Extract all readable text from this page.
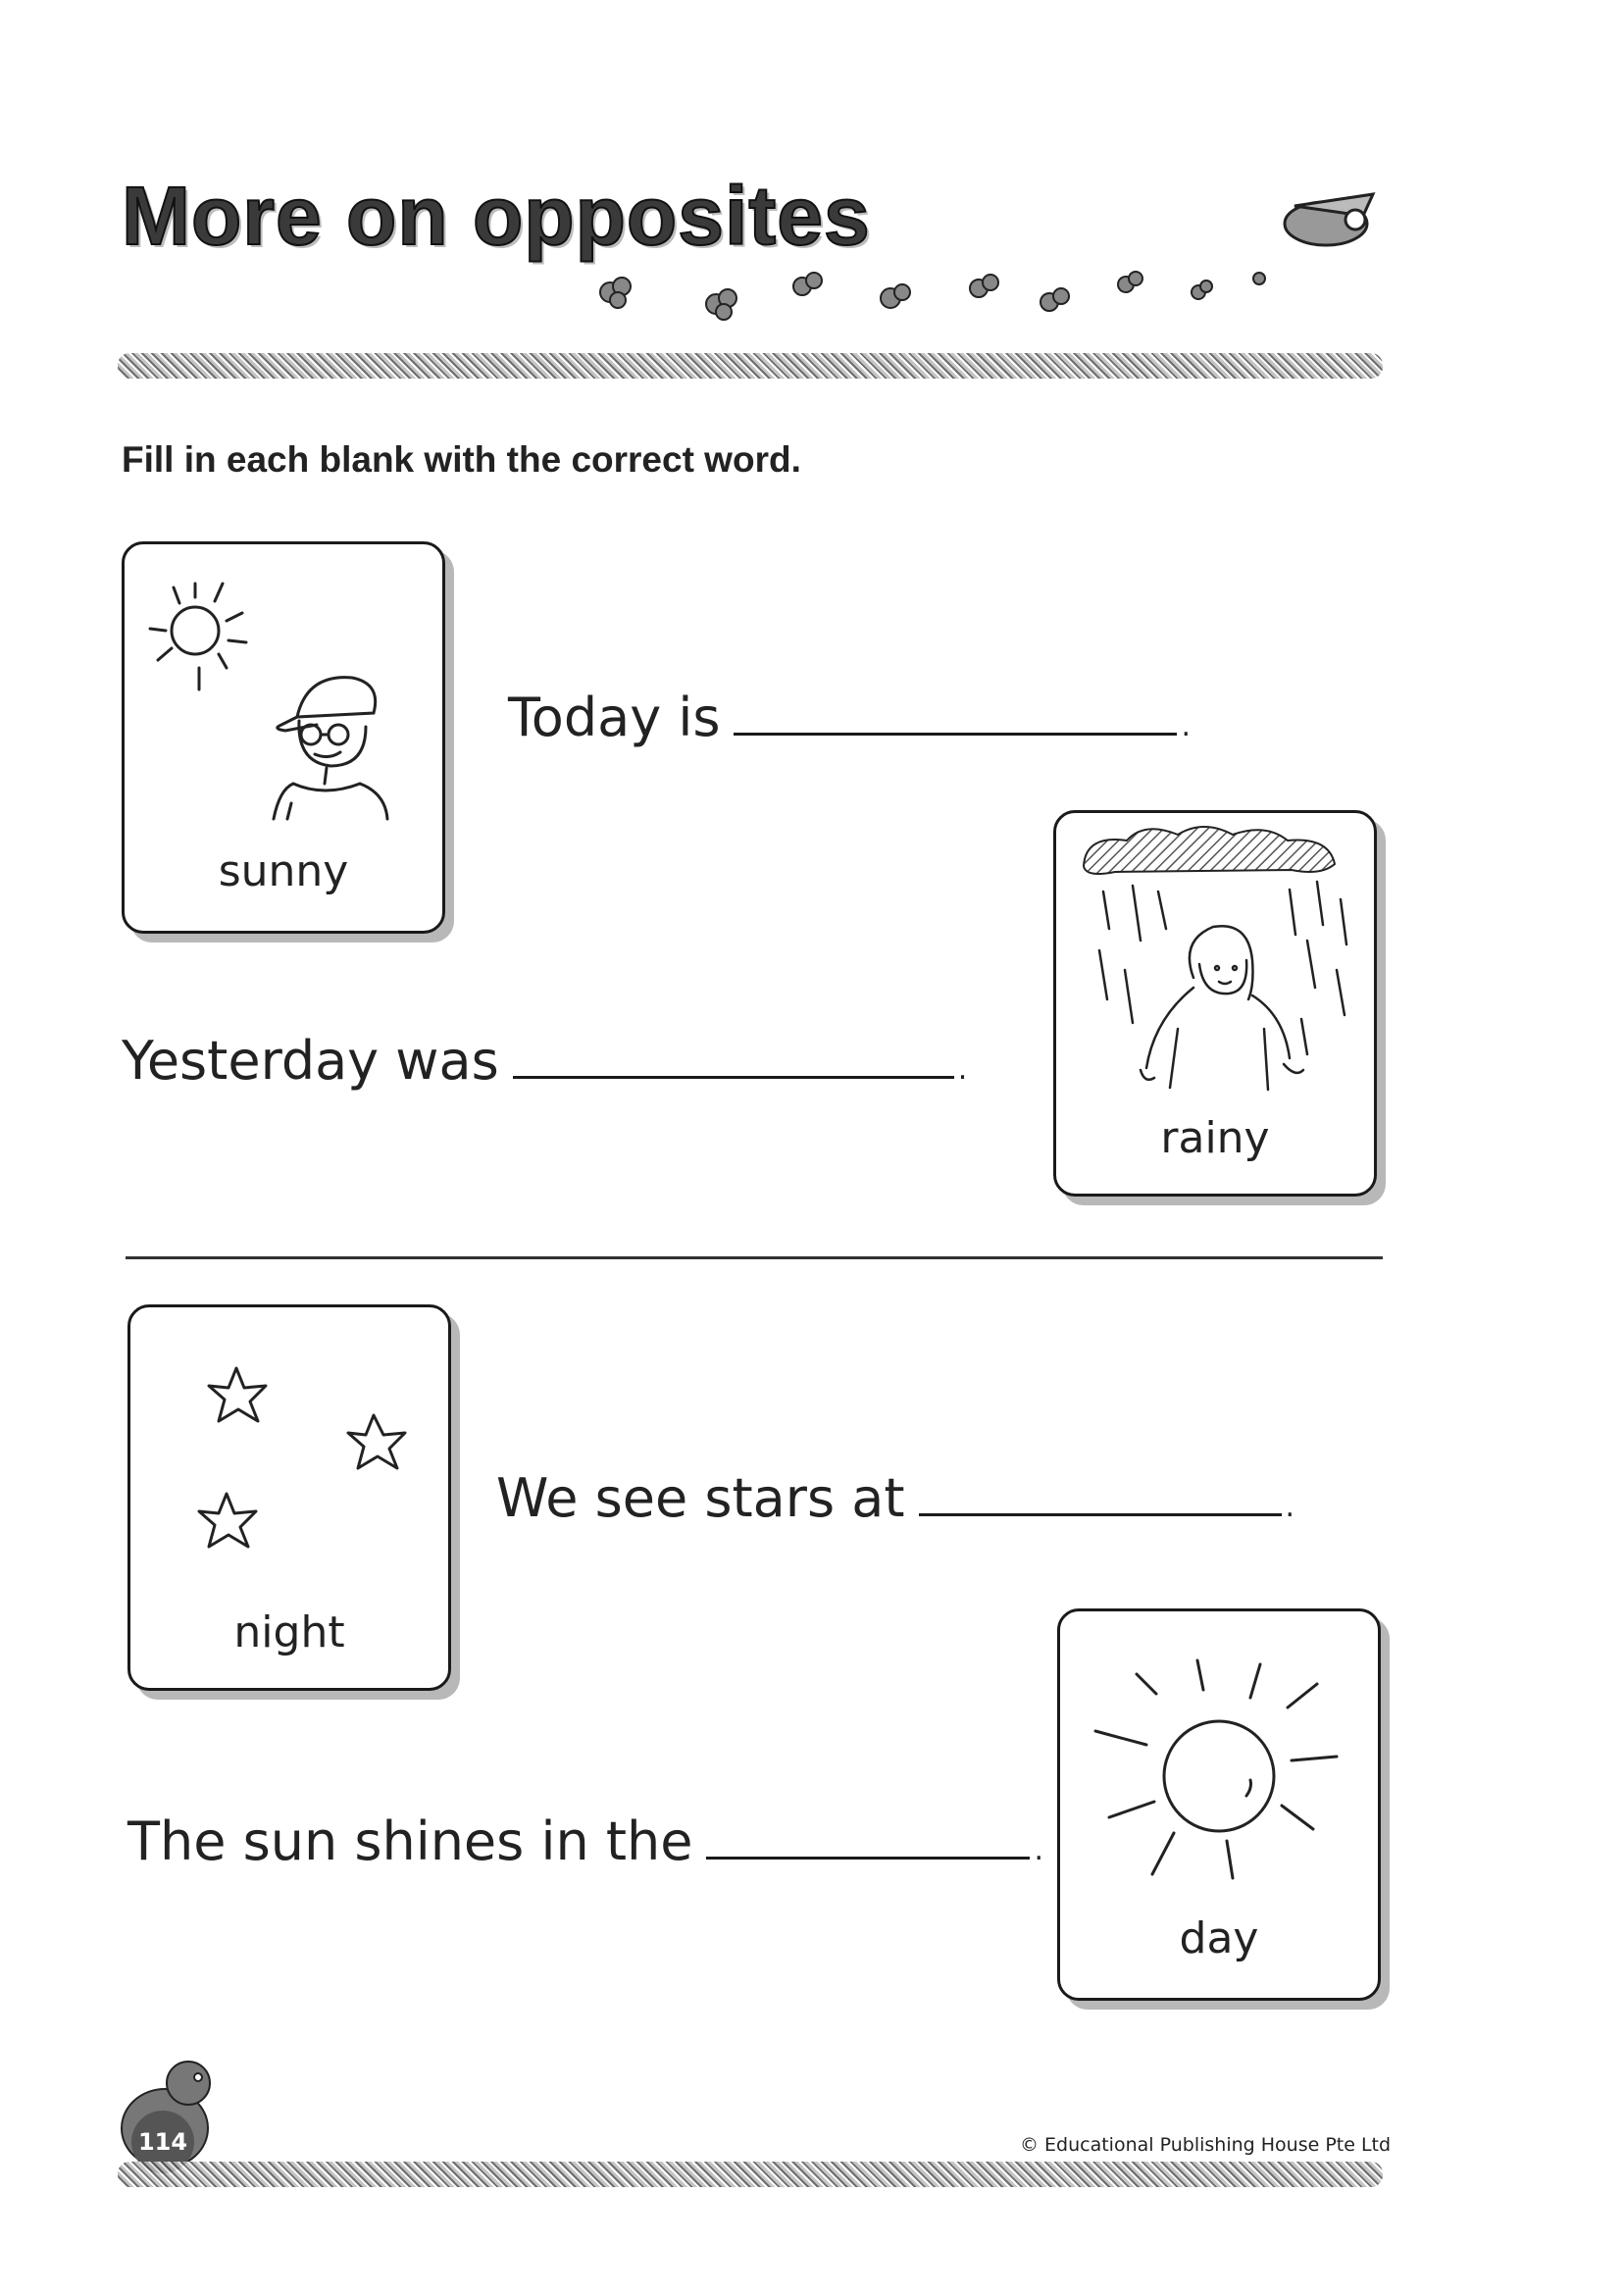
More on opposites
Fill in each blank with the correct word.
sunny
Today is	.
rainy
Yesterday was	.
night
We see stars at	.
day
The sun shines in the	.
114	© Educational Publishing House Pte Ltd
